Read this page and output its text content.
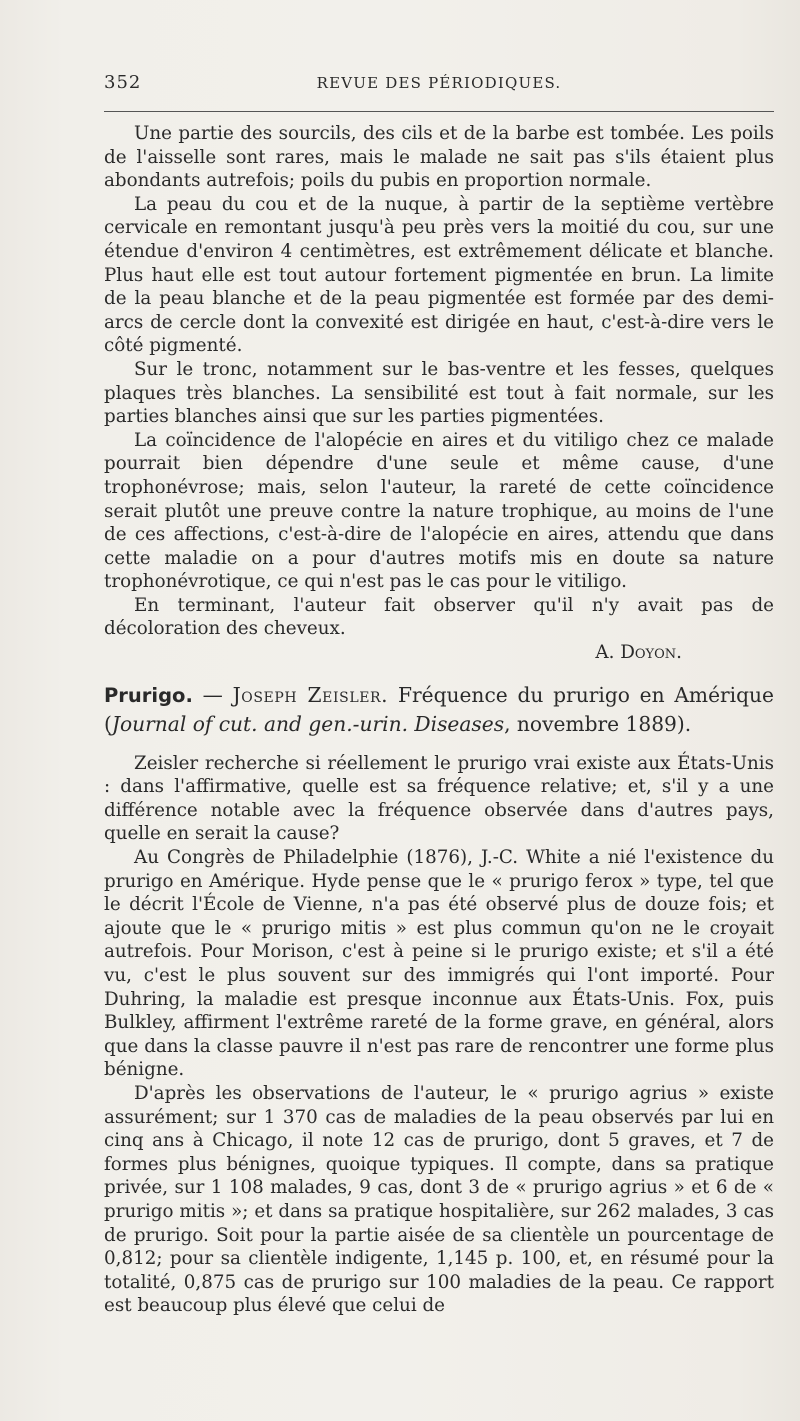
352	REVUE DES PÉRIODIQUES.

Une partie des sourcils, des cils et de la barbe est tombée. Les poils de l'aisselle sont rares, mais le malade ne sait pas s'ils étaient plus abondants autrefois; poils du pubis en proportion normale.

La peau du cou et de la nuque, à partir de la septième vertèbre cervicale en remontant jusqu'à peu près vers la moitié du cou, sur une étendue d'environ 4 centimètres, est extrêmement délicate et blanche. Plus haut elle est tout autour fortement pigmentée en brun. La limite de la peau blanche et de la peau pigmentée est formée par des demi-arcs de cercle dont la convexité est dirigée en haut, c'est-à-dire vers le côté pigmenté.

Sur le tronc, notamment sur le bas-ventre et les fesses, quelques plaques très blanches. La sensibilité est tout à fait normale, sur les parties blanches ainsi que sur les parties pigmentées.

La coïncidence de l'alopécie en aires et du vitiligo chez ce malade pourrait bien dépendre d'une seule et même cause, d'une trophonévrose; mais, selon l'auteur, la rareté de cette coïncidence serait plutôt une preuve contre la nature trophique, au moins de l'une de ces affections, c'est-à-dire de l'alopécie en aires, attendu que dans cette maladie on a pour d'autres motifs mis en doute sa nature trophonévrotique, ce qui n'est pas le cas pour le vitiligo.

En terminant, l'auteur fait observer qu'il n'y avait pas de décoloration des cheveux.

A. Doyon.

Prurigo. — Joseph Zeisler. Fréquence du prurigo en Amérique (Journal of cut. and gen.-urin. Diseases, novembre 1889).

Zeisler recherche si réellement le prurigo vrai existe aux États-Unis : dans l'affirmative, quelle est sa fréquence relative; et, s'il y a une différence notable avec la fréquence observée dans d'autres pays, quelle en serait la cause?

Au Congrès de Philadelphie (1876), J.-C. White a nié l'existence du prurigo en Amérique. Hyde pense que le « prurigo ferox » type, tel que le décrit l'École de Vienne, n'a pas été observé plus de douze fois; et ajoute que le « prurigo mitis » est plus commun qu'on ne le croyait autrefois. Pour Morison, c'est à peine si le prurigo existe; et s'il a été vu, c'est le plus souvent sur des immigrés qui l'ont importé. Pour Duhring, la maladie est presque inconnue aux États-Unis. Fox, puis Bulkley, affirment l'extrême rareté de la forme grave, en général, alors que dans la classe pauvre il n'est pas rare de rencontrer une forme plus bénigne.

D'après les observations de l'auteur, le « prurigo agrius » existe assurément; sur 1 370 cas de maladies de la peau observés par lui en cinq ans à Chicago, il note 12 cas de prurigo, dont 5 graves, et 7 de formes plus bénignes, quoique typiques. Il compte, dans sa pratique privée, sur 1 108 malades, 9 cas, dont 3 de « prurigo agrius » et 6 de « prurigo mitis »; et dans sa pratique hospitalière, sur 262 malades, 3 cas de prurigo. Soit pour la partie aisée de sa clientèle un pourcentage de 0,812; pour sa clientèle indigente, 1,145 p. 100, et, en résumé pour la totalité, 0,875 cas de prurigo sur 100 maladies de la peau. Ce rapport est beaucoup plus élevé que celui de
